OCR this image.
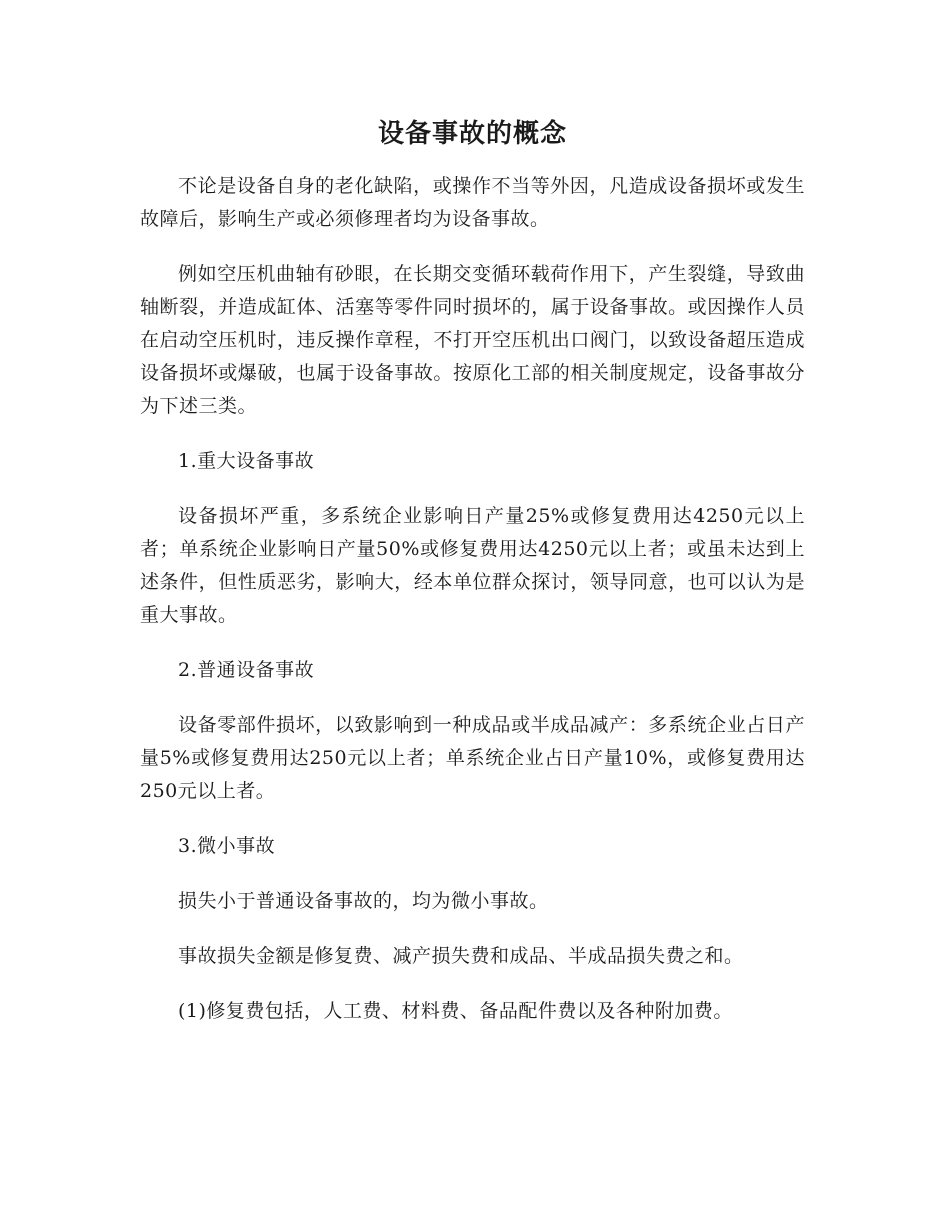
设备事故的概念

不论是设备自身的老化缺陷，或操作不当等外因，凡造成设备损坏或发生故障后，影响生产或必须修理者均为设备事故。

例如空压机曲轴有砂眼，在长期交变循环载荷作用下，产生裂缝，导致曲轴断裂，并造成缸体、活塞等零件同时损坏的，属于设备事故。或因操作人员在启动空压机时，违反操作章程，不打开空压机出口阀门，以致设备超压造成设备损坏或爆破，也属于设备事故。按原化工部的相关制度规定，设备事故分为下述三类。

1.重大设备事故

设备损坏严重，多系统企业影响日产量25%或修复费用达4250元以上者；单系统企业影响日产量50%或修复费用达4250元以上者；或虽未达到上述条件，但性质恶劣，影响大，经本单位群众探讨，领导同意，也可以认为是重大事故。

2.普通设备事故

设备零部件损坏，以致影响到一种成品或半成品减产：多系统企业占日产量5%或修复费用达250元以上者；单系统企业占日产量10%，或修复费用达250元以上者。

3.微小事故

损失小于普通设备事故的，均为微小事故。

事故损失金额是修复费、减产损失费和成品、半成品损失费之和。

(1)修复费包括，人工费、材料费、备品配件费以及各种附加费。
